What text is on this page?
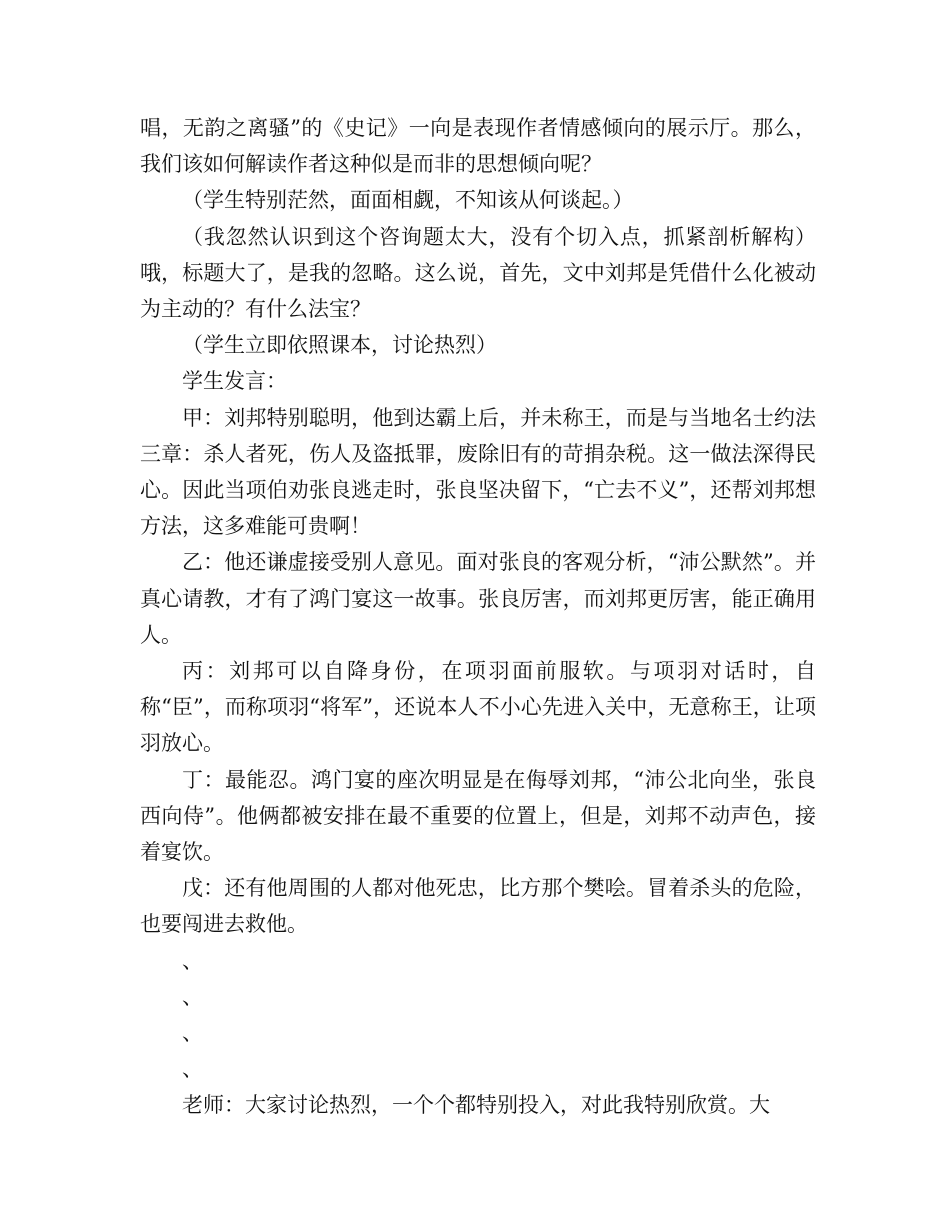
唱，无韵之离骚”的《史记》一向是表现作者情感倾向的展示厅。那么，我们该如何解读作者这种似是而非的思想倾向呢？

（学生特别茫然，面面相觑，不知该从何谈起。）

（我忽然认识到这个咨询题太大，没有个切入点，抓紧剖析解构）哦，标题大了，是我的忽略。这么说，首先，文中刘邦是凭借什么化被动为主动的？有什么法宝？

（学生立即依照课本，讨论热烈）

学生发言：

甲：刘邦特别聪明，他到达霸上后，并未称王，而是与当地名士约法三章：杀人者死，伤人及盗抵罪，废除旧有的苛捐杂税。这一做法深得民心。因此当项伯劝张良逃走时，张良坚决留下，“亡去不义”，还帮刘邦想方法，这多难能可贵啊！

乙：他还谦虚接受别人意见。面对张良的客观分析，“沛公默然”。并真心请教，才有了鸿门宴这一故事。张良厉害，而刘邦更厉害，能正确用人。

丙：刘邦可以自降身份，在项羽面前服软。与项羽对话时，自称“臣”，而称项羽“将军”，还说本人不小心先进入关中，无意称王，让项羽放心。

丁：最能忍。鸿门宴的座次明显是在侮辱刘邦，“沛公北向坐，张良西向侍”。他俩都被安排在最不重要的位置上，但是，刘邦不动声色，接着宴饮。

戊：还有他周围的人都对他死忠，比方那个樊哙。冒着杀头的危险，也要闯进去救他。

、
、
、
、

老师：大家讨论热烈，一个个都特别投入，对此我特别欣赏。大
